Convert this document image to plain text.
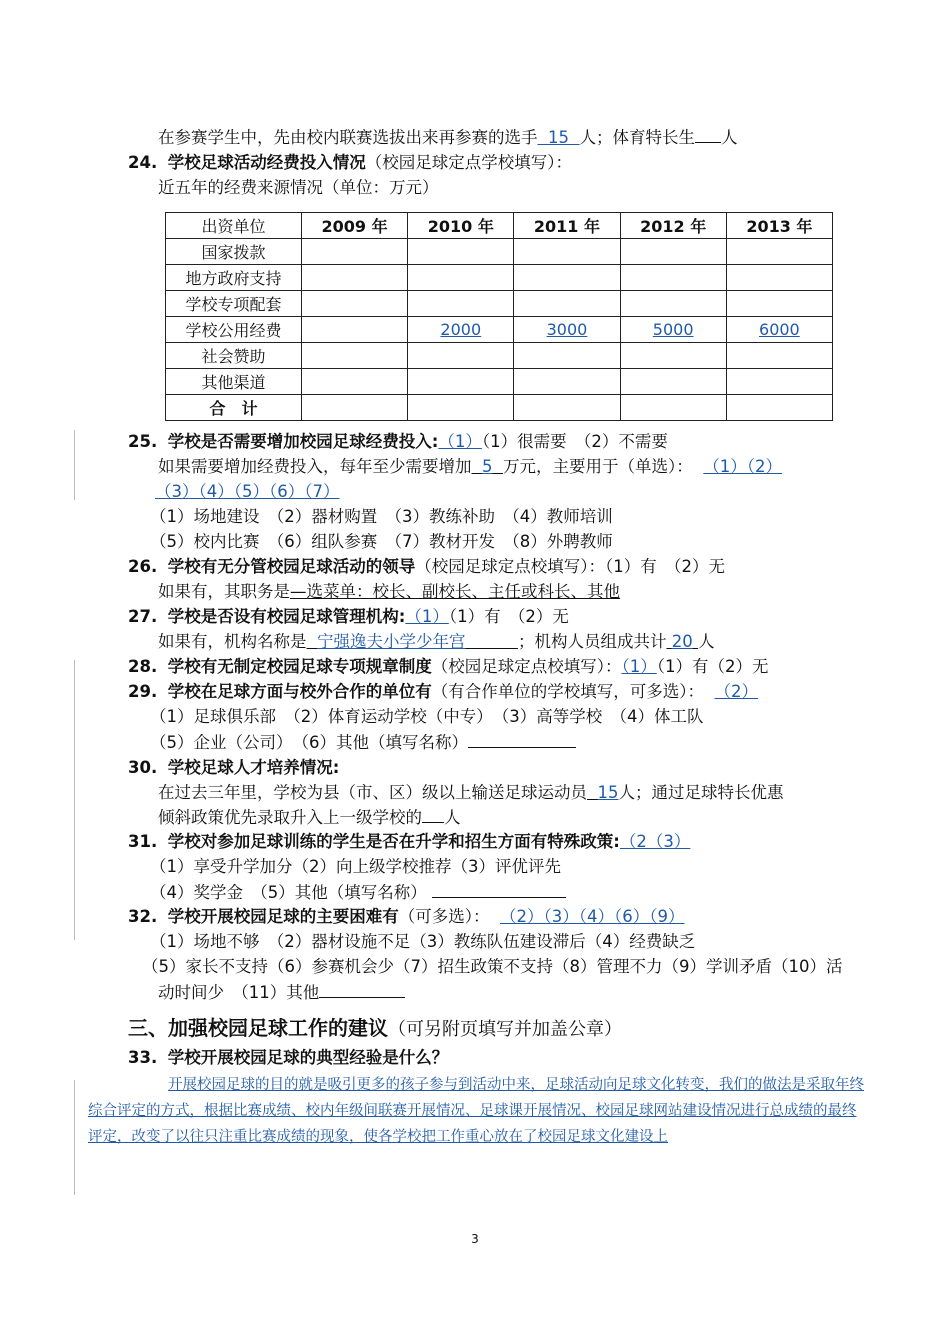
在参赛学生中，先由校内联赛选拔出来再参赛的选手 15 人；体育特长生 人
24. 学校足球活动经费投入情况（校园足球定点学校填写）：
近五年的经费来源情况（单位：万元）
出资单位	2009 年	2010 年	2011 年	2012 年	2013 年
国家拨款					
地方政府支持					
学校专项配套					
学校公用经费		2000	3000	5000	6000
社会赞助					
其他渠道					
合　计					
25. 学校是否需要增加校园足球经费投入:（1）（1）很需要　（2）不需要
如果需要增加经费投入，每年至少需要增加 5 万元，主要用于（单选）： （1）（2）
（3）（4）（5）（6）（7）
（1）场地建设　（2）器材购置　（3）教练补助　（4）教师培训
（5）校内比赛　（6）组队参赛　（7）教材开发　（8）外聘教师
26. 学校有无分管校园足球活动的领导（校园足球定点校填写）：（1）有　（2）无
如果有，其职务是—选菜单：校长、副校长、主任或科长、其他
27. 学校是否设有校园足球管理机构:（1）（1）有　（2）无
如果有，机构名称是 宁强逸夫小学少年宫	；机构人员组成共计 20 人
28. 学校有无制定校园足球专项规章制度（校园足球定点校填写）：（1）（1）有（2）无
29. 学校在足球方面与校外合作的单位有（有合作单位的学校填写，可多选）： （2）
（1）足球俱乐部　（2）体育运动学校（中专）　（3）高等学校　（4）体工队
（5）企业（公司）　（6）其他（填写名称）
30. 学校足球人才培养情况:
在过去三年里，学校为县（市、区）级以上输送足球运动员 15人；通过足球特长优惠
倾斜政策优先录取升入上一级学校的 人
31. 学校对参加足球训练的学生是否在升学和招生方面有特殊政策:（2（3）
（1）享受升学加分（2）向上级学校推荐（3）评优评先
（4）奖学金　（5）其他（填写名称）
32. 学校开展校园足球的主要困难有（可多选）： （2）（3）（4）（6）（9）
（1）场地不够　（2）器材设施不足（3）教练队伍建设滞后（4）经费缺乏
（5）家长不支持（6）参赛机会少（7）招生政策不支持（8）管理不力（9）学训矛盾（10）活
动时间少　（11）其他
三、加强校园足球工作的建议（可另附页填写并加盖公章）
33. 学校开展校园足球的典型经验是什么？
开展校园足球的目的就是吸引更多的孩子参与到活动中来，足球活动向足球文化转变，我们的做法是采取年终综合评定的方式，根据比赛成绩、校内年级间联赛开展情况、足球课开展情况、校园足球网站建设情况进行总成绩的最终评定，改变了以往只注重比赛成绩的现象，使各学校把工作重心放在了校园足球文化建设上
3
